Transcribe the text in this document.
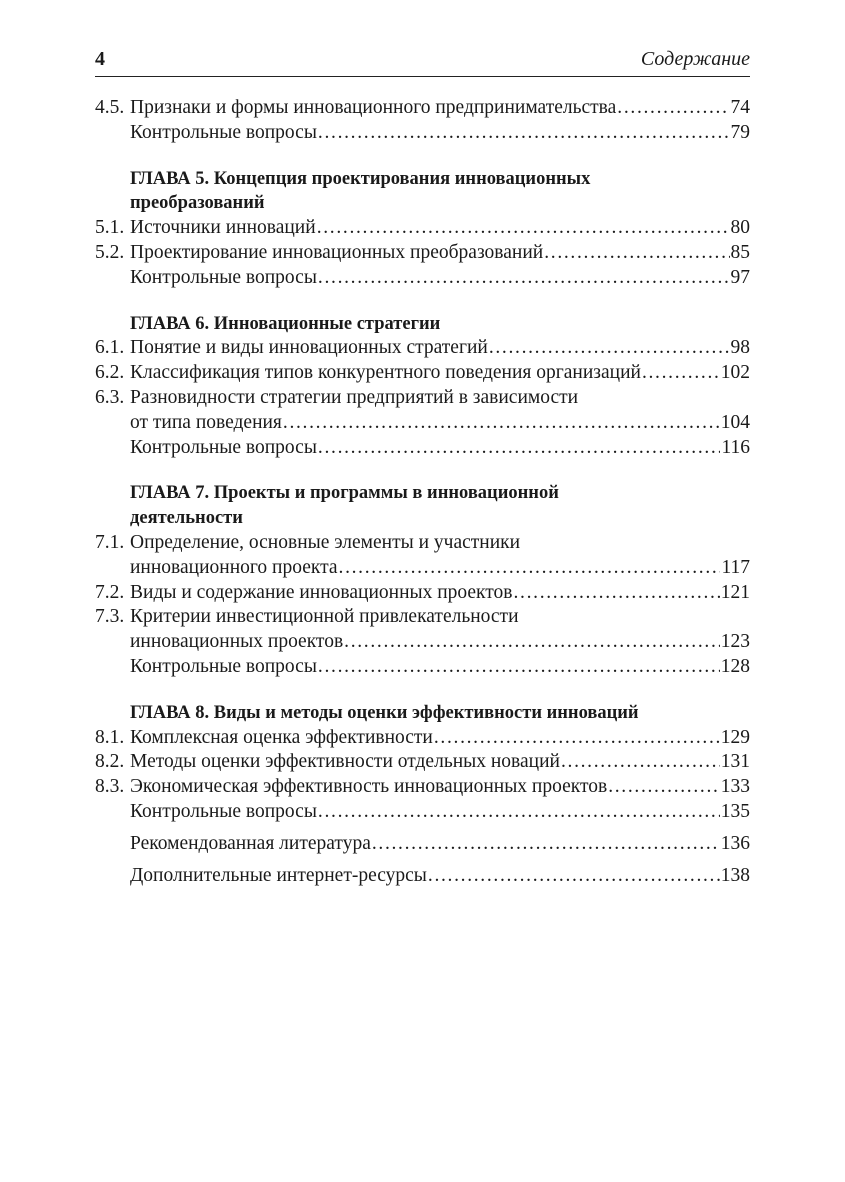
4	Содержание
4.5. Признаки и формы инновационного предпринимательства . . .	74
Контрольные вопросы . . .	79
ГЛАВА 5. Концепция проектирования инновационных
преобразований
5.1. Источники инноваций . . .	80
5.2. Проектирование инновационных преобразований . . .	85
Контрольные вопросы . . .	97
ГЛАВА 6. Инновационные стратегии
6.1. Понятие и виды инновационных стратегий . . .	98
6.2. Классификация типов конкурентного поведения организаций . . .	102
6.3. Разновидности стратегии предприятий в зависимости
от типа поведения . . .	104
Контрольные вопросы . . .	116
ГЛАВА 7. Проекты и программы в инновационной
деятельности
7.1. Определение, основные элементы и участники
инновационного проекта . . .	117
7.2. Виды и содержание инновационных проектов . . .	121
7.3. Критерии инвестиционной привлекательности
инновационных проектов . . .	123
Контрольные вопросы . . .	128
ГЛАВА 8. Виды и методы оценки эффективности инноваций
8.1. Комплексная оценка эффективности . . .	129
8.2. Методы оценки эффективности отдельных новаций . . .	131
8.3. Экономическая эффективность инновационных проектов . . .	133
Контрольные вопросы . . .	135
Рекомендованная литература . . .	136
Дополнительные интернет-ресурсы . . .	138
